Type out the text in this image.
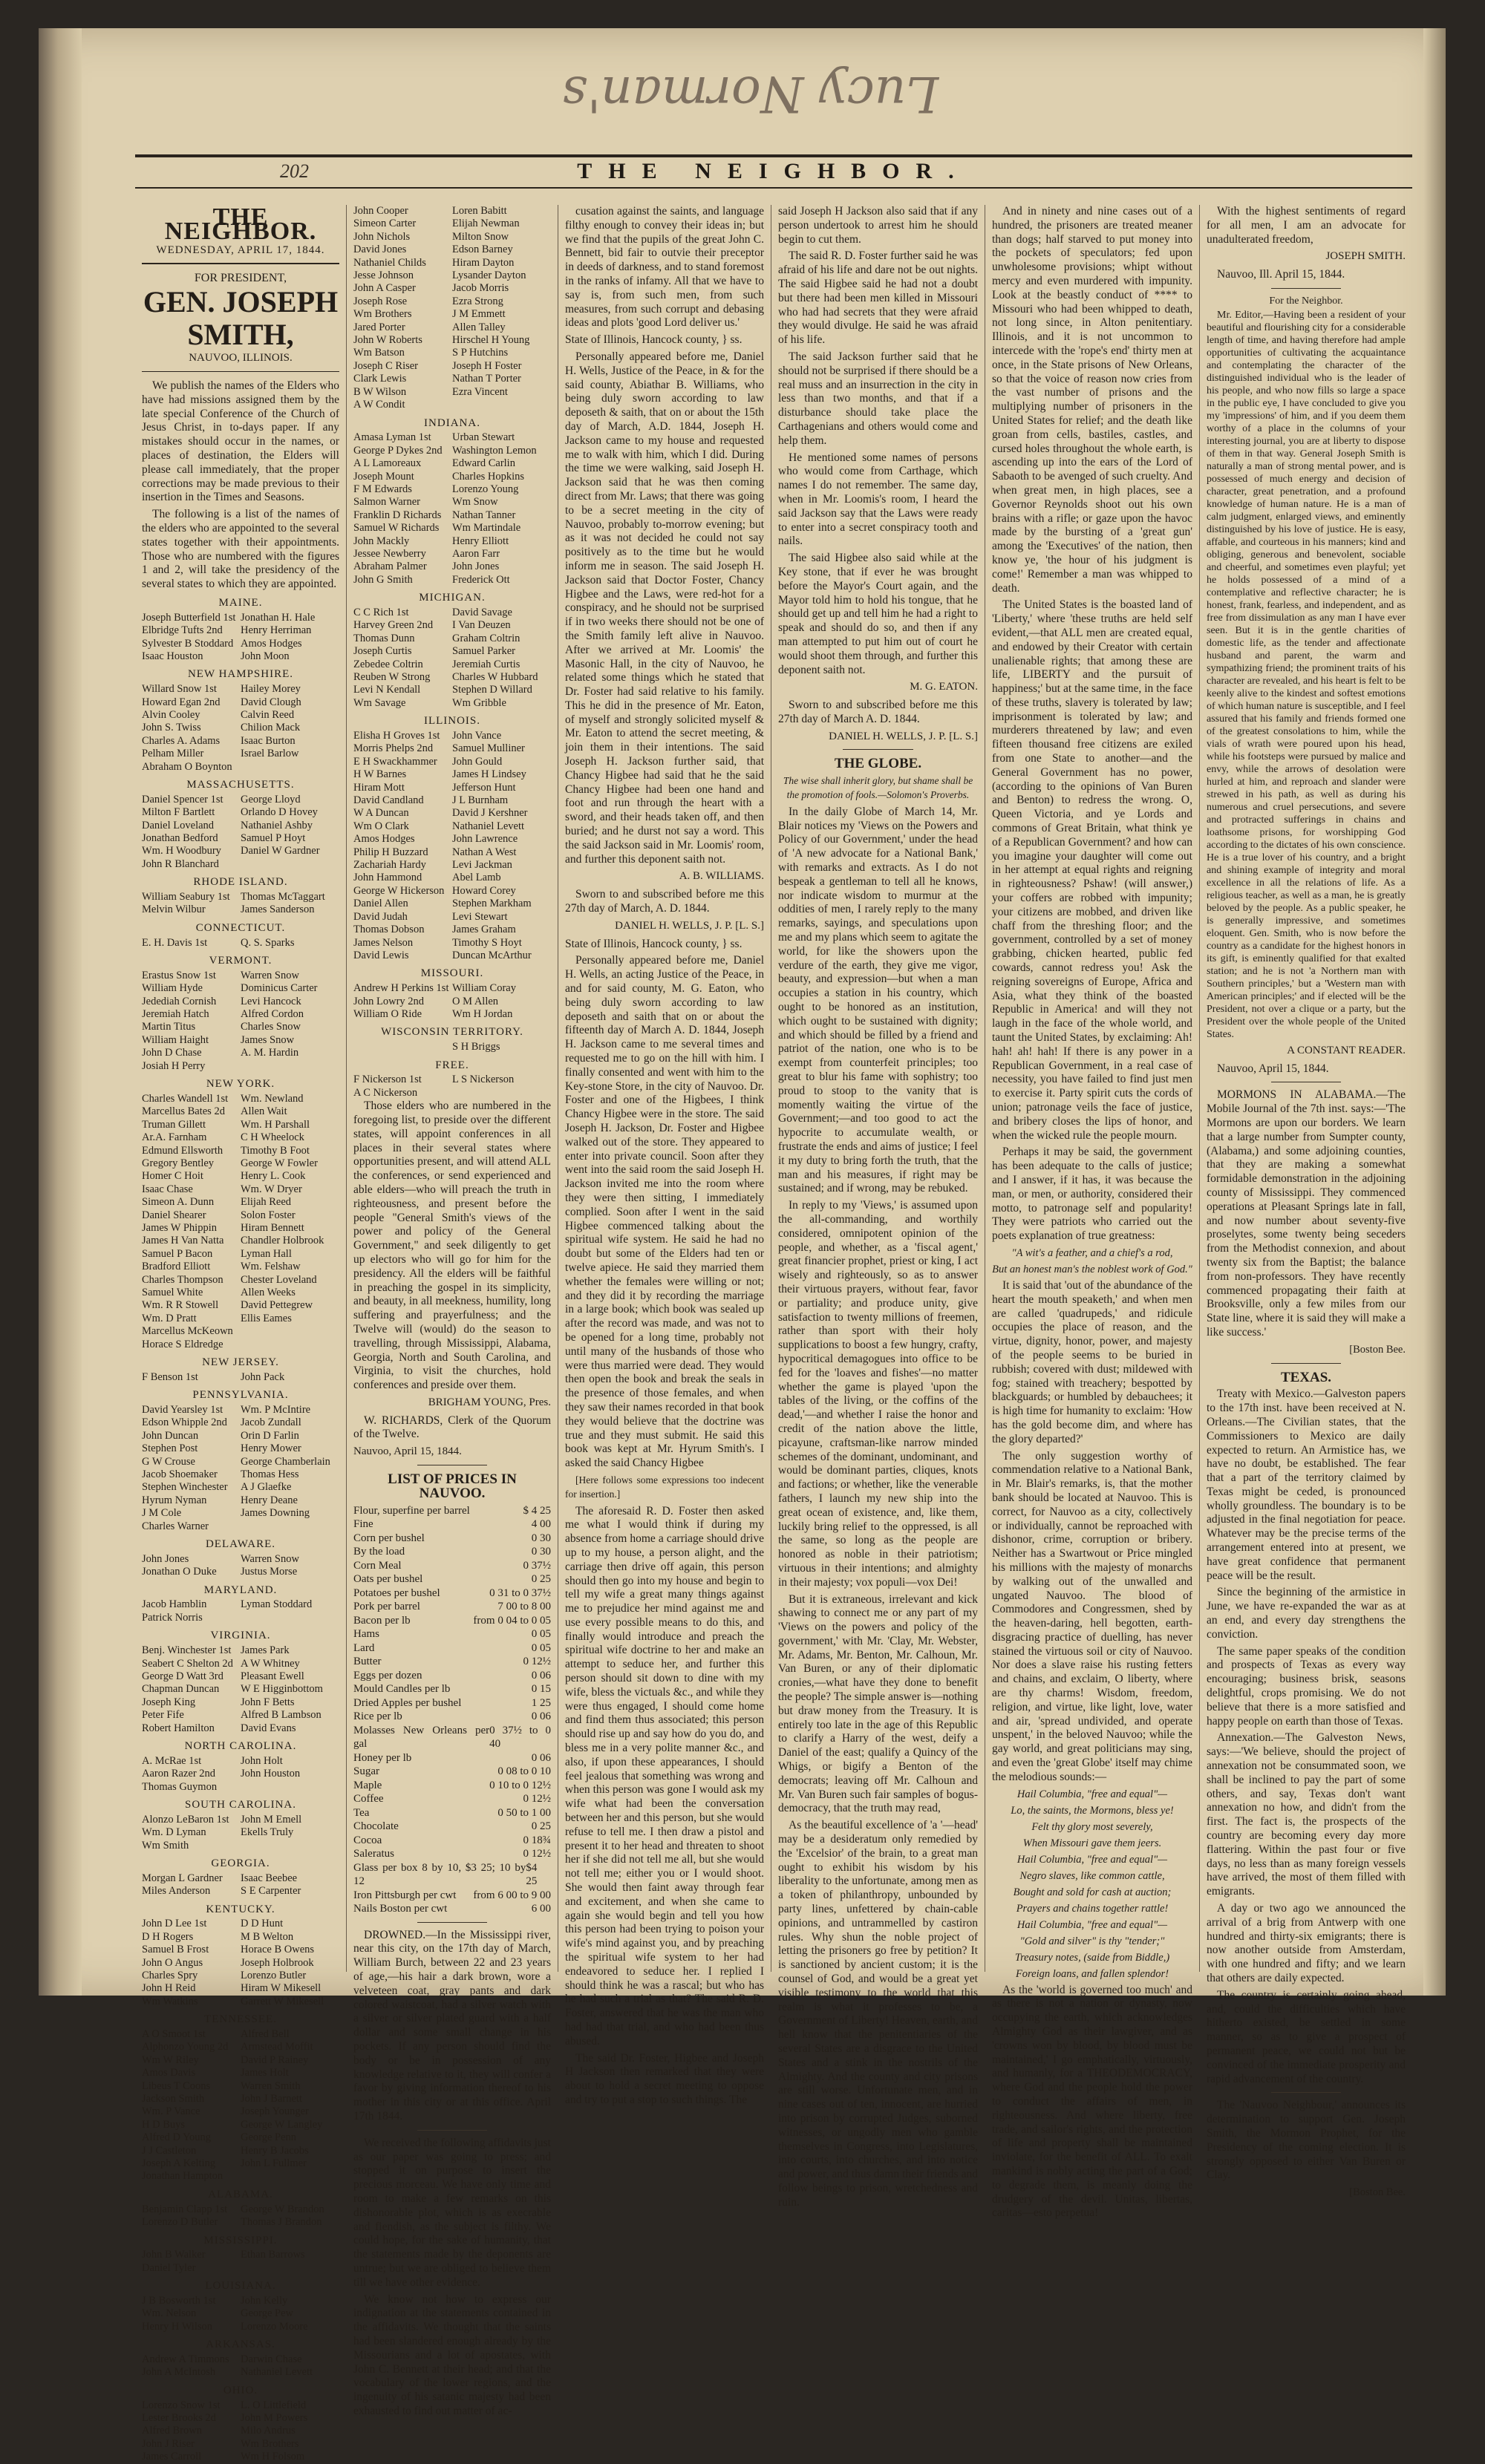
Lucy Norman's
202	THE NEIGHBOR.
THE NEIGHBOR.
WEDNESDAY, APRIL 17, 1844.
FOR PRESIDENT,
GEN. JOSEPH SMITH,
NAUVOO, ILLINOIS.

We publish the names of the Elders who have had missions assigned them by the late special Conference of the Church of Jesus Christ, in to-days paper. If any mistakes should occur in the names, or places of destination, the Elders will please call immediately, that the proper corrections may be made previous to their insertion in the Times and Seasons.

The following is a list of the names of the elders who are appointed to the several states together with their appointments. Those who are numbered with the figures 1 and 2, will take the presidency of the several states to which they are appointed.

MAINE.
Joseph Butterfield 1st Jonathan H. Hale
Elbridge Tufts 2nd	Henry Herriman
Sylvester B Stoddard Amos Hodges
Isaac Houston	John Moon
NEW HAMPSHIRE.
Willard Snow 1st	Hailey Morey
Howard Egan 2nd	David Clough
Alvin Cooley	Calvin Reed
John S. Twiss	Chilion Mack
Charles A. Adams	Isaac Burton
Pelham Miller	Israel Barlow
Abraham O Boynton
MASSACHUSETTS.
Daniel Spencer 1st	George Lloyd
Milton F Bartlett	Orlando D Hovey
Daniel Loveland	Nathaniel Ashby
Jonathan Bedford	Samuel P Hoyt
Wm. H Woodbury	Daniel W Gardner
John R Blanchard
RHODE ISLAND.
William Seabury 1st Thomas McTaggart
Melvin Wilbur	James Sanderson
CONNECTICUT.
E. H. Davis 1st	Q. S. Sparks
VERMONT.
Erastus Snow 1st	Warren Snow
William Hyde	Dominicus Carter
Jedediah Cornish	Levi Hancock
Jeremiah Hatch	Alfred Cordon
Martin Titus	Charles Snow
William Haight	James Snow
John D Chase	A. M. Hardin
Josiah H Perry
NEW YORK.
Charles Wandell 1st	Wm. Newland
Marcellus Bates 2d	Allen Wait
Truman Gillett	Wm. H Parshall
Ar.A. Farnham	C H Wheelock
Edmund Ellsworth	Timothy B Foot
Gregory Bentley	George W Fowler
Homer C Hoit	Henry L. Cook
Isaac Chase	Wm. W Dryer
Simeon A. Dunn	Elijah Reed
Daniel Shearer	Solon Foster
James W Phippin	Hiram Bennett
James H Van Natta	Chandler Holbrook
Samuel P Bacon	Lyman Hall
Bradford Elliott	Wm. Felshaw
Charles Thompson	Chester Loveland
Samuel White	Allen Weeks
Wm. R R Stowell	David Pettegrew
Wm. D Pratt	Ellis Eames
Marcellus McKeown
Horace S Eldredge
NEW JERSEY.
F Benson 1st	John Pack
PENNSYLVANIA.
David Yearsley 1st	Wm. P McIntire
Edson Whipple 2nd	Jacob Zundall
John Duncan	Orin D Farlin
Stephen Post	Henry Mower
G W Crouse	George Chamberlain
Jacob Shoemaker	Thomas Hess
Stephen Winchester	A J Glaefke
Hyrum Nyman	Henry Deane
J M Cole	James Downing
Charles Warner
DELAWARE.
John Jones	Warren Snow
Jonathan O Duke	Justus Morse
MARYLAND.
Jacob Hamblin	Lyman Stoddard
Patrick Norris
VIRGINIA.
Benj. Winchester 1st James Park
Seabert C Shelton 2d A W Whitney
George D Watt 3rd	Pleasant Ewell
Chapman Duncan	W E Higginbottom
Joseph King	John F Betts
Peter Fife	Alfred B Lambson
Robert Hamilton	David Evans
NORTH CAROLINA.
A. McRae 1st	John Holt
Aaron Razer 2nd	John Houston
Thomas Guymon
SOUTH CAROLINA.
Alonzo LeBaron 1st	John M Emell
Wm. D Lyman	Ekells Truly
Wm Smith
GEORGIA.
Morgan L Gardner	Isaac Beebee
Miles Anderson	S E Carpenter
KENTUCKY.
John D Lee 1st	D D Hunt
D H Rogers	M B Welton
Samuel B Frost	Horace B Owens
John O Angus	Joseph Holbrook
Charles Spry	Lorenzo Butler
John H Reid	Hiram W Mikesell
Wm Watkins	Garrett W Mikesell
TENNESSEE.
A O Smoot 1st	Alfred Bell
Alphonzo Young 2d	Armstead Moffit
Wm W Riley	David P Rainey
Amos Davis	James Holt
Libeus T Coons	Warren Smith
Jackson Smith	John J Barnett
Wm. P Vance	Joseph Younger
H D Buys	George W Langley
Alfred D Young	George Penn
J J Castleton	Henry B Jacobs
Joseph A Kelting	John L Fullmer
Jonathan Hampton
ALABAMA.
Benjamin Clapp 1st	George W Brandon
Lorenzo D Butler	Thomas J Brandon
MISSISSIPPI.
John B Walker	Ethan Barrows
Daniel Tyler
LOUISIANA.
J B Bosworth 1st	John Kelly
Wm. Nelson	George Pew
Henry H Wilson	Lorenzo Moore
ARKANSAS.
Andrew A Timmons	Darwin Chase
John A McIntosh	Nathaniel Levett
OHIO.
Lorenzo Snow 1st	L. O Littlefield
Lester Brooks 2d	John M Powers
Alfred Brown	Milo Andrus
John J Riser	Wm Brothers
James Carroll	Wm H Folsom
John Cooper	Loren Babitt
Simeon Carter	Elijah Newman
John Nichols	Milton Snow
David Jones	Edson Barney
Nathaniel Childs	Hiram Dayton
Jesse Johnson	Lysander Dayton
John A Casper	Jacob Morris
Joseph Rose	Ezra Strong
Wm Brothers	J M Emmett
Jared Porter	Allen Talley
John W Roberts	Hirschel H Young
Wm Batson	S P Hutchins
Joseph C Riser	Joseph H Foster
Clark Lewis	Nathan T Porter
B W Wilson	Ezra Vincent
A W Condit
INDIANA.
Amasa Lyman 1st	Urban Stewart
George P Dykes 2nd Washington Lemon
A L Lamoreaux	Edward Carlin
Joseph Mount	Charles Hopkins
F M Edwards	Lorenzo Young
Salmon Warner	Wm Snow
Franklin D Richards	Nathan Tanner
Samuel W Richards	Wm Martindale
John Mackly	Henry Elliott
Jessee Newberry	Aaron Farr
Abraham Palmer	John Jones
John G Smith	Frederick Ott
MICHIGAN.
C C Rich 1st	David Savage
Harvey Green 2nd	I Van Deuzen
Thomas Dunn	Graham Coltrin
Joseph Curtis	Samuel Parker
Zebedee Coltrin	Jeremiah Curtis
Reuben W Strong	Charles W Hubbard
Levi N Kendall	Stephen D Willard
Wm Savage	Wm Gribble
ILLINOIS.
Elisha H Groves 1st	John Vance
Morris Phelps 2nd	Samuel Mulliner
E H Swackhammer	John Gould
H W Barnes	James H Lindsey
Hiram Mott	Jefferson Hunt
David Candland	J L Burnham
W A Duncan	David J Kershner
Wm O Clark	Nathaniel Levett
Amos Hodges	John Lawrence
Philip H Buzzard	Nathan A West
Zachariah Hardy	Levi Jackman
John Hammond	Abel Lamb
George W Hickerson Howard Corey
Daniel Allen	Stephen Markham
David Judah	Levi Stewart
Thomas Dobson	James Graham
James Nelson	Timothy S Hoyt
David Lewis	Duncan McArthur
MISSOURI.
Andrew H Perkins 1st William Coray
John Lowry 2nd	O M Allen
William O Ride	Wm H Jordan
WISCONSIN TERRITORY.
S H Briggs
FREE.
F Nickerson 1st	L S Nickerson
A C Nickerson

Those elders who are numbered in the foregoing list, to preside over the different states, will appoint conferences in all places in their several states where opportunities present, and will attend ALL the conferences, or send experienced and able elders—who will preach the truth in righteousness, and present before the people "General Smith's views of the power and policy of the General Government," and seek diligently to get up electors who will go for him for the presidency. All the elders will be faithful in preaching the gospel in its simplicity, and beauty, in all meekness, humility, long suffering and prayerfulness; and the Twelve will (would) do the season to travelling, through Mississippi, Alabama, Georgia, North and South Carolina, and Virginia, to visit the churches, hold conferences and preside over them.

BRIGHAM YOUNG, Pres.

W. RICHARDS, Clerk of the Quorum of the Twelve.

Nauvoo, April 15, 1844.
LIST OF PRICES IN NAUVOO.
Flour, superfine per barrel	$ 4 25
Fine	4 00
Corn per bushel	0 30
By the load	0 30
Corn Meal	0 37½
Oats per bushel	0 25
Potatoes per bushel	0 31 to 0 37½
Pork per barrel	7 00 to 8 00
Bacon per lb	from 0 04 to 0 05
Hams	0 05
Lard	0 05
Butter	0 12½
Eggs per dozen	0 06
Mould Candles per lb	0 15
Dried Apples per bushel	1 25
Rice per lb	0 06
Molasses New Orleans per gal
0 37½ to 0 40
Honey per lb	0 06
Sugar	0 08 to 0 10
Maple	0 10 to 0 12½
Coffee	0 12½
Tea	0 50 to 1 00
Chocolate	0 25
Cocoa	0 18¾
Saleratus	0 12½
Glass per box 8 by 10, $3 25; 10 by 12
$4 25
Iron Pittsburgh per cwt from 6 00 to 9 00
Nails Boston per cwt	6 00

DROWNED.—In the Mississippi river, near this city, on the 17th day of March, William Burch, between 22 and 23 years of age,—his hair a dark brown, wore a velveteen coat, gray pants and dark colored waistcoat, had a silver watch with a silver or silver plated guard with a half dollar and some small change in his pockets. If any person should find the body or be in possession of any knowledge relative to it, they will confer a favor by giving information thereof to his mother in this city or at this office. April 17th 1844.

We received the following affidavits just as our paper was going to press; and stopped it on purpose to insert the precious morceau. We have only time and room to make a few remarks on this dishonorable plot, which is as execrable and fiendish, as the subject is filthy. We could hope, for the sake of humanity, that the statements made by the deponents are untrue; but we are obliged to believe them till we have other evidence.

We know not how to express our indignation at the statements contained in the affidavits. We thought that the saints had been slandered enough already by the Missourians and a lot of apostates, with John C. Bennett at their head; and that the vocabulary of the lower regions, and the ingenuity of his satanic majesty had been exhausted to find out matter of ac-

cusation against the saints, and language filthy enough to convey their ideas in; but we find that the pupils of the great John C. Bennett, bid fair to outvie their preceptor in deeds of darkness, and to stand foremost in the ranks of infamy. All that we have to say is, from such men, from such measures, from such corrupt and debasing ideas and plots 'good Lord deliver us.'

State of Illinois, Hancock county, } ss.

Personally appeared before me, Daniel H. Wells, Justice of the Peace, in & for the said county, Abiathar B. Williams, who being duly sworn according to law deposeth & saith, that on or about the 15th day of March, A.D. 1844, Joseph H. Jackson came to my house and requested me to walk with him, which I did. During the time we were walking, said Joseph H. Jackson said that he was then coming direct from Mr. Laws; that there was going to be a secret meeting in the city of Nauvoo, probably to-morrow evening; but as it was not decided he could not say positively as to the time but he would inform me in season. The said Joseph H. Jackson said that Doctor Foster, Chancy Higbee and the Laws, were red-hot for a conspiracy, and he should not be surprised if in two weeks there should not be one of the Smith family left alive in Nauvoo. After we arrived at Mr. Loomis' the Masonic Hall, in the city of Nauvoo, he related some things which he stated that Dr. Foster had said relative to his family. This he did in the presence of Mr. Eaton, of myself and strongly solicited myself & Mr. Eaton to attend the secret meeting, & join them in their intentions. The said Joseph H. Jackson further said, that Chancy Higbee had said that he the said Chancy Higbee had been one hand and foot and run through the heart with a sword, and their heads taken off, and then buried; and he durst not say a word. This the said Jackson said in Mr. Loomis' room, and further this deponent saith not.

A. B. WILLIAMS.

Sworn to and subscribed before me this 27th day of March, A. D. 1844.

DANIEL H. WELLS, J. P. [L. S.]

State of Illinois, Hancock county, } ss.

Personally appeared before me, Daniel H. Wells, an acting Justice of the Peace, in and for said county, M. G. Eaton, who being duly sworn according to law deposeth and saith that on or about the fifteenth day of March A. D. 1844, Joseph H. Jackson came to me several times and requested me to go on the hill with him. I finally consented and went with him to the Key-stone Store, in the city of Nauvoo. Dr. Foster and one of the Higbees, I think Chancy Higbee were in the store. The said Joseph H. Jackson, Dr. Foster and Higbee walked out of the store. They appeared to enter into private council. Soon after they went into the said room the said Joseph H. Jackson invited me into the room where they were then sitting, I immediately complied. Soon after I went in the said Higbee commenced talking about the spiritual wife system. He said he had no doubt but some of the Elders had ten or twelve apiece. He said they married them whether the females were willing or not; and they did it by recording the marriage in a large book; which book was sealed up after the record was made, and was not to be opened for a long time, probably not until many of the husbands of those who were thus married were dead. They would then open the book and break the seals in the presence of those females, and when they saw their names recorded in that book they would believe that the doctrine was true and they must submit. He said this book was kept at Mr. Hyrum Smith's. I asked the said Chancy Higbee

[Here follows some expressions too indecent for insertion.]

The aforesaid R. D. Foster then asked me what I would think if during my absence from home a carriage should drive up to my house, a person alight, and the carriage then drive off again, this person should then go into my house and begin to tell my wife a great many things against me to prejudice her mind against me and use every possible means to do this, and finally would introduce and preach the spiritual wife doctrine to her and make an attempt to seduce her, and further this person should sit down to dine with my wife, bless the victuals &c., and while they were thus engaged, I should come home and find them thus associated; this person should rise up and say how do you do, and bless me in a very polite manner &c., and also, if upon these appearances, I should feel jealous that something was wrong and when this person was gone I would ask my wife what had been the conversation between her and this person, but she would refuse to tell me. I then draw a pistol and present it to her head and threaten to shoot her if she did not tell me all, but she would not tell me; either you or I would shoot. She would then faint away through fear and excitement, and when she came to again she would begin and tell you how this person had been trying to poison your wife's mind against you, and by preaching the spiritual wife system to her had endeavored to seduce her. I replied I should think he was a rascal; but who has he had such a trial as that? The said R. D. Foster, answered that he was the man who had had that trial, and who had been thus abused.

The said Dr. Foster, Higbee and Joseph H Jackson then remarked that they were about to hold a secret meeting to oppose and try to put a stop to such things. The

said Joseph H Jackson also said that if any person undertook to arrest him he should begin to cut them.

The said R. D. Foster further said he was afraid of his life and dare not be out nights. The said Higbee said he had not a doubt but there had been men killed in Missouri who had had secrets that they were afraid they would divulge. He said he was afraid of his life.

The said Jackson further said that he should not be surprised if there should be a real muss and an insurrection in the city in less than two months, and that if a disturbance should take place the Carthagenians and others would come and help them.

He mentioned some names of persons who would come from Carthage, which names I do not remember. The same day, when in Mr. Loomis's room, I heard the said Jackson say that the Laws were ready to enter into a secret conspiracy tooth and nails.

The said Higbee also said while at the Key stone, that if ever he was brought before the Mayor's Court again, and the Mayor told him to hold his tongue, that he should get up and tell him he had a right to speak and should do so, and then if any man attempted to put him out of court he would shoot them through, and further this deponent saith not.

M. G. EATON.

Sworn to and subscribed before me this 27th day of March A. D. 1844.

DANIEL H. WELLS, J. P. [L. S.]
THE GLOBE.
The wise shall inherit glory, but shame shall be the promotion of fools.—Solomon's Proverbs.

In the daily Globe of March 14, Mr. Blair notices my 'Views on the Powers and Policy of our Government,' under the head of 'A new advocate for a National Bank,' with remarks and extracts. As I do not bespeak a gentleman to tell all he knows, nor indicate wisdom to murmur at the oddities of men, I rarely reply to the many remarks, sayings, and speculations upon me and my plans which seem to agitate the world, for like the showers upon the verdure of the earth, they give me vigor, beauty, and expression—but when a man occupies a station in his country, which ought to be honored as an institution, which ought to be sustained with dignity; and which should be filled by a friend and patriot of the nation, one who is to be exempt from counterfeit principles; too great to blur his fame with sophistry; too proud to stoop to the vanity that is momently waiting the virtue of the Government;—and too good to act the hypocrite to accumulate wealth, or frustrate the ends and aims of justice; I feel it my duty to bring forth the truth, that the man and his measures, if right may be sustained; and if wrong, may be rebuked.

In reply to my 'Views,' is assumed upon the all-commanding, and worthily considered, omnipotent opinion of the people, and whether, as a 'fiscal agent,' great financier prophet, priest or king, I act wisely and righteously, so as to answer their virtuous prayers, without fear, favor or partiality; and produce unity, give satisfaction to twenty millions of freemen, rather than sport with their holy supplications to boost a few hungry, crafty, hypocritical demagogues into office to be fed for the 'loaves and fishes'—no matter whether the game is played 'upon the tables of the living, or the coffins of the dead,'—and whether I raise the honor and credit of the nation above the little, picayune, craftsman-like narrow minded schemes of the dominant, undominant, and would be dominant parties, cliques, knots and factions; or whether, like the venerable fathers, I launch my new ship into the great ocean of existence, and, like them, luckily bring relief to the oppressed, is all the same, so long as the people are honored as noble in their patriotism; virtuous in their intentions; and almighty in their majesty; vox populi—vox Dei!

But it is extraneous, irrelevant and kick shawing to connect me or any part of my 'Views on the powers and policy of the government,' with Mr. 'Clay, Mr. Webster, Mr. Adams, Mr. Benton, Mr. Calhoun, Mr. Van Buren, or any of their diplomatic cronies,—what have they done to benefit the people? The simple answer is—nothing but draw money from the Treasury. It is entirely too late in the age of this Republic to clarify a Harry of the west, deify a Daniel of the east; qualify a Quincy of the Whigs, or bigify a Benton of the democrats; leaving off Mr. Calhoun and Mr. Van Buren such fair samples of bogus-democracy, that the truth may read,

As the beautiful excellence of 'a '—head' may be a desideratum only remedied by the 'Excelsior' of the brain, to a great man ought to exhibit his wisdom by his liberality to the unfortunate, among men as a token of philanthropy, unbounded by party lines, unfettered by chain-cable opinions, and untrammelled by castiron rules. Why shun the noble project of letting the prisoners go free by petition? It is sanctioned by ancient custom; it is the counsel of God, and would be a great yet visible testimony to the world that this realm is what it professes to be, a Government of Liberty! Heaven, earth, and hell know that the penitentiaries of the several States are a disgrace to the United States and a stink in the nostrils of the Almighty. And the county and city prisons are still worse. Unfortunate men, and in nine cases out of ten, innocent, are hurried into prison by corrupted Judges, suborned witnesses, or ungodly men who gamble themselves in Congress, into Legislatures, into courts, into churches, and into notice and power, and thus damn their friends and follow beings to prison, wretchedness and ruin.

And in ninety and nine cases out of a hundred, the prisoners are treated meaner than dogs; half starved to put money into the pockets of speculators; fed upon unwholesome provisions; whipt without mercy and even murdered with impunity. Look at the beastly conduct of **** to Missouri who had been whipped to death, not long since, in Alton penitentiary. Illinois, and it is not uncommon to intercede with the 'rope's end' thirty men at once, in the State prisons of New Orleans, so that the voice of reason now cries from the vast number of prisons and the multiplying number of prisoners in the United States for relief; and the death like groan from cells, bastiles, castles, and cursed holes throughout the whole earth, is ascending up into the ears of the Lord of Sabaoth to be avenged of such cruelty. And when great men, in high places, see a Governor Reynolds shoot out his own brains with a rifle; or gaze upon the havoc made by the bursting of a 'great gun' among the 'Executives' of the nation, then know ye, 'the hour of his judgment is come!' Remember a man was whipped to death.

The United States is the boasted land of 'Liberty,' where 'these truths are held self evident,—that ALL men are created equal, and endowed by their Creator with certain unalienable rights; that among these are life, LIBERTY and the pursuit of happiness;' but at the same time, in the face of these truths, slavery is tolerated by law; imprisonment is tolerated by law; and murderers threatened by law; and even fifteen thousand free citizens are exiled from one State to another—and the General Government has no power, (according to the opinions of Van Buren and Benton) to redress the wrong. O, Queen Victoria, and ye Lords and commons of Great Britain, what think ye of a Republican Government? and how can you imagine your daughter will come out in her attempt at equal rights and reigning in righteousness? Pshaw! (will answer,) your coffers are robbed with impunity; your citizens are mobbed, and driven like chaff from the threshing floor; and the government, controlled by a set of money grabbing, chicken hearted, public fed cowards, cannot redress you! Ask the reigning sovereigns of Europe, Africa and Asia, what they think of the boasted Republic in America! and will they not laugh in the face of the whole world, and taunt the United States, by exclaiming: Ah! hah! ah! hah! If there is any power in a Republican Government, in a real case of necessity, you have failed to find just men to exercise it. Party spirit cuts the cords of union; patronage veils the face of justice, and bribery closes the lips of honor, and when the wicked rule the people mourn.

Perhaps it may be said, the government has been adequate to the calls of justice; and I answer, if it has, it was because the man, or men, or authority, considered their motto, to patronage self and popularity! They were patriots who carried out the poets explanation of true greatness:

"A wit's a feather, and a chief's a rod,
But an honest man's the noblest work of God."

It is said that 'out of the abundance of the heart the mouth speaketh,' and when men are called 'quadrupeds,' and ridicule occupies the place of reason, and the virtue, dignity, honor, power, and majesty of the people seems to be buried in rubbish; covered with dust; mildewed with fog; stained with treachery; bespotted by blackguards; or humbled by debauchees; it is high time for humanity to exclaim: 'How has the gold become dim, and where has the glory departed?'

The only suggestion worthy of commendation relative to a National Bank, in Mr. Blair's remarks, is, that the mother bank should be located at Nauvoo. This is correct, for Nauvoo as a city, collectively or individually, cannot be reproached with dishonor, crime, corruption or bribery. Neither has a Swartwout or Price mingled his millions with the majesty of monarchs by walking out of the unwalled and ungated Nauvoo. The blood of Commodores and Congressmen, shed by the heaven-daring, hell begotten, earth-disgracing practice of duelling, has never stained the virtuous soil or city of Nauvoo. Nor does a slave raise his rusting fetters and chains, and exclaim, O liberty, where are thy charms! Wisdom, freedom, religion, and virtue, like light, love, water and air, 'spread undivided, and operate unspent,' in the beloved Nauvoo; while the gay world, and great politicians may sing, and even the 'great Globe' itself may chime the melodious sounds:—

Hail Columbia, "free and equal"—
Lo, the saints, the Mormons, bless ye!
Felt thy glory most severely,
When Missouri gave them jeers.
Hail Columbia, "free and equal"—
Negro slaves, like common cattle,
Bought and sold for cash at auction;
Prayers and chains together rattle!
Hail Columbia, "free and equal"—
"Gold and silver" is thy "tender;"
Treasury notes, (saide from Biddle,)
Foreign loans, and fallen splendor!

As the 'world is governed too much' and as there is not a nation or dynasty, now occupying the earth, which acknowledges Almighty God as their lawgiver, and as 'crowns won by blood, by blood must be maintained,' I go emphatically, virtuously, and humanly, for a THEODEMOCRACY, where God and the people hold the power to conduct the affairs of men, in righteousness. And where liberty, free trade, and sailor's rights, and the protection of life and property shall be maintained inviolate, for the benefit of ALL. To exalt mankind is nobly acting the part of a God; to degrade them, is meanly doing the drudgery of the devil. Unitas, libertas, caritas—esto perpetua!

With the highest sentiments of regard for all men, I am an advocate for unadulterated freedom,

JOSEPH SMITH.

Nauvoo, Ill. April 15, 1844.

For the Neighbor.

Mr. Editor,—Having been a resident of your beautiful and flourishing city for a considerable length of time, and having therefore had ample opportunities of cultivating the acquaintance and contemplating the character of the distinguished individual who is the leader of his people, and who now fills so large a space in the public eye, I have concluded to give you my 'impressions' of him, and if you deem them worthy of a place in the columns of your interesting journal, you are at liberty to dispose of them in that way. General Joseph Smith is naturally a man of strong mental power, and is possessed of much energy and decision of character, great penetration, and a profound knowledge of human nature. He is a man of calm judgment, enlarged views, and eminently distinguished by his love of justice. He is easy, affable, and courteous in his manners; kind and obliging, generous and benevolent, sociable and cheerful, and sometimes even playful; yet he holds possessed of a mind of a contemplative and reflective character; he is honest, frank, fearless, and independent, and as free from dissimulation as any man I have ever seen. But it is in the gentle charities of domestic life, as the tender and affectionate husband and parent, the warm and sympathizing friend; the prominent traits of his character are revealed, and his heart is felt to be keenly alive to the kindest and softest emotions of which human nature is susceptible, and I feel assured that his family and friends formed one of the greatest consolations to him, while the vials of wrath were poured upon his head, while his footsteps were pursued by malice and envy, while the arrows of desolation were hurled at him, and reproach and slander were strewed in his path, as well as during his numerous and cruel persecutions, and severe and protracted sufferings in chains and loathsome prisons, for worshipping God according to the dictates of his own conscience. He is a true lover of his country, and a bright and shining example of integrity and moral excellence in all the relations of life. As a religious teacher, as well as a man, he is greatly beloved by the people. As a public speaker, he is generally impressive, and sometimes eloquent. Gen. Smith, who is now before the country as a candidate for the highest honors in its gift, is eminently qualified for that exalted station; and he is not 'a Northern man with Southern principles,' but a 'Western man with American principles;' and if elected will be the President, not over a clique or a party, but the President over the whole people of the United States.

A CONSTANT READER.

Nauvoo, April 15, 1844.

MORMONS IN ALABAMA.—The Mobile Journal of the 7th inst. says:—'The Mormons are upon our borders. We learn that a large number from Sumpter county, (Alabama,) and some adjoining counties, that they are making a somewhat formidable demonstration in the adjoining county of Mississippi. They commenced operations at Pleasant Springs late in fall, and now number about seventy-five proselytes, some twenty being seceders from the Methodist connexion, and about twenty six from the Baptist; the balance from non-professors. They have recently commenced propagating their faith at Brooksville, only a few miles from our State line, where it is said they will make a like success.'

[Boston Bee.
TEXAS.

Treaty with Mexico.—Galveston papers to the 17th inst. have been received at N. Orleans.—The Civilian states, that the Commissioners to Mexico are daily expected to return. An Armistice has, we have no doubt, be established. The fear that a part of the territory claimed by Texas might be ceded, is pronounced wholly groundless. The boundary is to be adjusted in the final negotiation for peace. Whatever may be the precise terms of the arrangement entered into at present, we have great confidence that permanent peace will be the result.

Since the beginning of the armistice in June, we have re-expanded the war as at an end, and every day strengthens the conviction.

The same paper speaks of the condition and prospects of Texas as every way encouraging; business brisk, seasons delightful, crops promising. We do not believe that there is a more satisfied and happy people on earth than those of Texas.

Annexation.—The Galveston News, says:—'We believe, should the project of annexation not be consummated soon, we shall be inclined to pay the part of some others, and say, Texas don't want annexation no how, and didn't from the first. The fact is, the prospects of the country are becoming every day more flattering. Within the past four or five days, no less than as many foreign vessels have arrived, the most of them filled with emigrants.

A day or two ago we announced the arrival of a brig from Antwerp with one hundred and thirty-six emigrants; there is now another outside from Amsterdam, with one hundred and fifty; and we learn that others are daily expected.

The country is certainly going ahead, and, could the difficulties which have hitherto existed, be settled in some manner, so as to give a prospect of permanent peace, we could not but be convinced of the immediate prosperity and rapid advancement of the country.

The 'Nauvoo Neighbour,' announces its determination to support Gen. Joseph Smith, the Mormon Prophet, for the Presidency of the coming election. It is strongly opposed to either Van Buren or Clay.

[Boston Bee.
